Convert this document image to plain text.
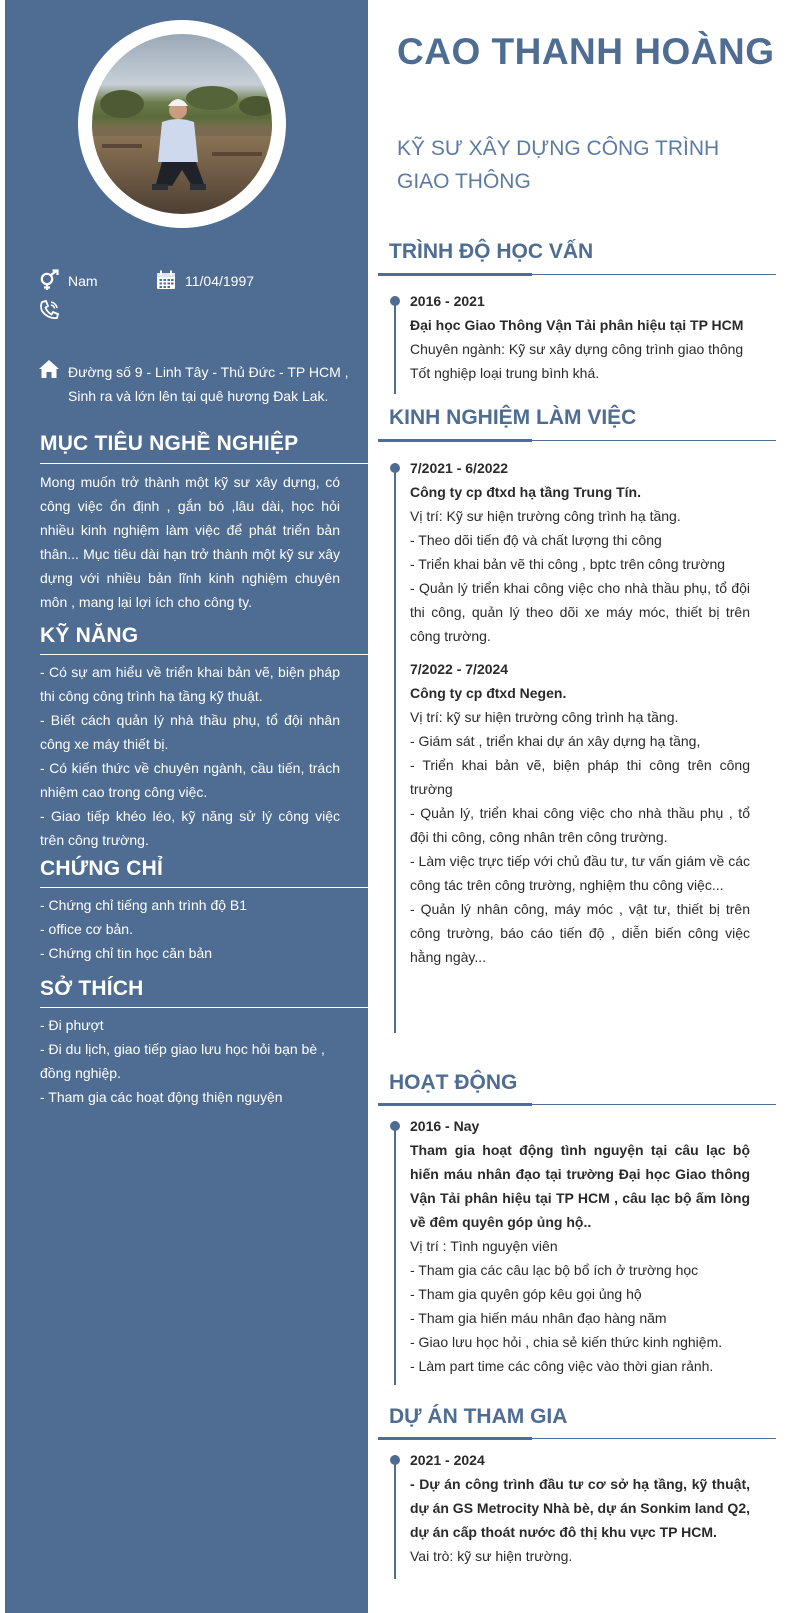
Nam	11/04/1997
Đường số 9 - Linh Tây - Thủ Đức - TP HCM , Sinh ra và lớn lên tại quê hương Đak Lak.
MỤC TIÊU NGHỀ NGHIỆP
Mong muốn trở thành một kỹ sư xây dựng, có công việc ổn định , gắn bó ,lâu dài, học hỏi nhiều kinh nghiệm làm việc để phát triển bản thân... Mục tiêu dài hạn trở thành một kỹ sư xây dựng với nhiều bản lĩnh kinh nghiệm chuyên môn , mang lại lợi ích cho công ty.
KỸ NĂNG

- Có sự am hiểu về triển khai bản vẽ, biện pháp thi công công trình hạ tầng kỹ thuật.

- Biết cách quản lý nhà thầu phụ, tổ đội nhân công xe máy thiết bị.

- Có kiến thức về chuyên ngành, cầu tiến, trách nhiệm cao trong công việc.

- Giao tiếp khéo léo, kỹ năng sử lý công việc trên công trường.

CHỨNG CHỈ

- Chứng chỉ tiếng anh trình độ B1

- office cơ bản.

- Chứng chỉ tin học căn bản

SỞ THÍCH

- Đi phượt

- Đi du lịch, giao tiếp giao lưu học hỏi bạn bè , đồng nghiệp.

- Tham gia các hoạt động thiện nguyện

CAO THANH HOÀNG
KỸ SƯ XÂY DỰNG CÔNG TRÌNH GIAO THÔNG
TRÌNH ĐỘ HỌC VẤN

2016 - 2021

Đại học Giao Thông Vận Tải phân hiệu tại TP HCM

Chuyên ngành: Kỹ sư xây dựng công trình giao thông

Tốt nghiệp loại trung bình khá.

KINH NGHIỆM LÀM VIỆC

7/2021 - 6/2022

Công ty cp đtxd hạ tầng Trung Tín.

Vị trí: Kỹ sư hiện trường công trình hạ tầng.

- Theo dõi tiến độ và chất lượng thi công

- Triển khai bản vẽ thi công , bptc trên công trường

- Quản lý triển khai công việc cho nhà thầu phụ, tổ đội thi công, quản lý theo dõi xe máy móc, thiết bị trên công trường.

7/2022 - 7/2024

Công ty cp đtxd Negen.

Vị trí: kỹ sư hiện trường công trình hạ tầng.

- Giám sát , triển khai dự án xây dựng hạ tầng,

- Triển khai bản vẽ, biện pháp thi công trên công trường

- Quản lý, triển khai công việc cho nhà thầu phụ , tổ đội thi công, công nhân trên công trường.

- Làm việc trực tiếp với chủ đầu tư, tư vấn giám về các công tác trên công trường, nghiệm thu công việc...

- Quản lý nhân công, máy móc , vật tư, thiết bị trên công trường, báo cáo tiến độ , diễn biến công việc hằng ngày...

HOẠT ĐỘNG

2016 - Nay

Tham gia hoạt động tình nguyện tại câu lạc bộ hiến máu nhân đạo tại trường Đại học Giao thông Vận Tải phân hiệu tại TP HCM , câu lạc bộ ấm lòng về đêm quyên góp ủng hộ..

Vị trí : Tình nguyện viên

- Tham gia các câu lạc bộ bổ ích ở trường học

- Tham gia quyên góp kêu gọi ủng hộ

- Tham gia hiến máu nhân đạo hàng năm

- Giao lưu học hỏi , chia sẻ kiến thức kinh nghiệm.

- Làm part time các công việc vào thời gian rảnh.

DỰ ÁN THAM GIA

2021 - 2024

- Dự án công trình đầu tư cơ sở hạ tầng, kỹ thuật, dự án GS Metrocity Nhà bè, dự án Sonkim land Q2, dự án cấp thoát nước đô thị khu vực TP HCM.

Vai trò: kỹ sư hiện trường.
